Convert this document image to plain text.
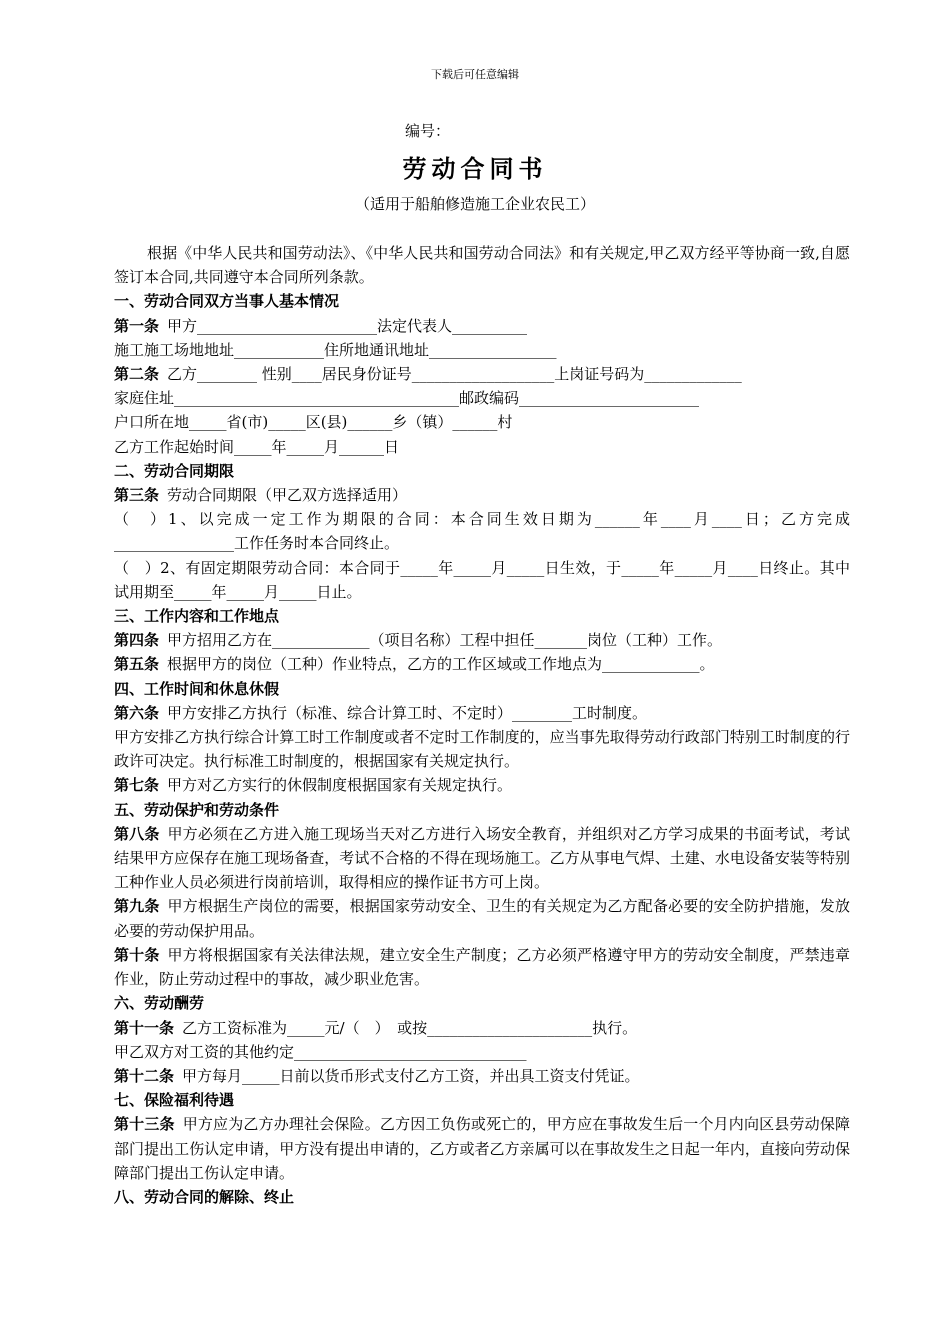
下载后可任意编辑
编号：
劳动合同书
（适用于船舶修造施工企业农民工）
根据《中华人民共和国劳动法》、《中华人民共和国劳动合同法》和有关规定,甲乙双方经平等协商一致,自愿签订本合同,共同遵守本合同所列条款。
一、劳动合同双方当事人基本情况
第一条 甲方________________________法定代表人__________
施工施工场地地址____________住所地通讯地址_________________
第二条 乙方________ 性别____居民身份证号___________________上岗证号码为_____________
家庭住址______________________________________邮政编码________________________
户口所在地_____省(市)_____区(县)______乡（镇）______村
乙方工作起始时间_____年_____月______日
二、劳动合同期限
第三条 劳动合同期限（甲乙双方选择适用）
（　）1、以完成一定工作为期限的合同：本合同生效日期为______年____月____日；乙方完成________________工作任务时本合同终止。
（　）2、有固定期限劳动合同：本合同于_____年_____月_____日生效，于_____年_____月____日终止。其中试用期至_____年_____月_____日止。
三、工作内容和工作地点
第四条 甲方招用乙方在_____________（项目名称）工程中担任_______岗位（工种）工作。
第五条 根据甲方的岗位（工种）作业特点，乙方的工作区域或工作地点为_____________。
四、工作时间和休息休假
第六条 甲方安排乙方执行（标准、综合计算工时、不定时）________工时制度。
甲方安排乙方执行综合计算工时工作制度或者不定时工作制度的，应当事先取得劳动行政部门特别工时制度的行政许可决定。执行标准工时制度的，根据国家有关规定执行。
第七条 甲方对乙方实行的休假制度根据国家有关规定执行。
五、劳动保护和劳动条件
第八条 甲方必须在乙方进入施工现场当天对乙方进行入场安全教育，并组织对乙方学习成果的书面考试，考试结果甲方应保存在施工现场备查，考试不合格的不得在现场施工。乙方从事电气焊、土建、水电设备安装等特别工种作业人员必须进行岗前培训，取得相应的操作证书方可上岗。
第九条 甲方根据生产岗位的需要，根据国家劳动安全、卫生的有关规定为乙方配备必要的安全防护措施，发放必要的劳动保护用品。
第十条 甲方将根据国家有关法律法规，建立安全生产制度；乙方必须严格遵守甲方的劳动安全制度，严禁违章作业，防止劳动过程中的事故，减少职业危害。
六、劳动酬劳
第十一条 乙方工资标准为_____元/（　）　或按______________________执行。
甲乙双方对工资的其他约定_______________________________
第十二条 甲方每月_____日前以货币形式支付乙方工资，并出具工资支付凭证。
七、保险福利待遇
第十三条 甲方应为乙方办理社会保险。乙方因工负伤或死亡的，甲方应在事故发生后一个月内向区县劳动保障部门提出工伤认定申请，甲方没有提出申请的，乙方或者乙方亲属可以在事故发生之日起一年内，直接向劳动保障部门提出工伤认定申请。
八、劳动合同的解除、终止
